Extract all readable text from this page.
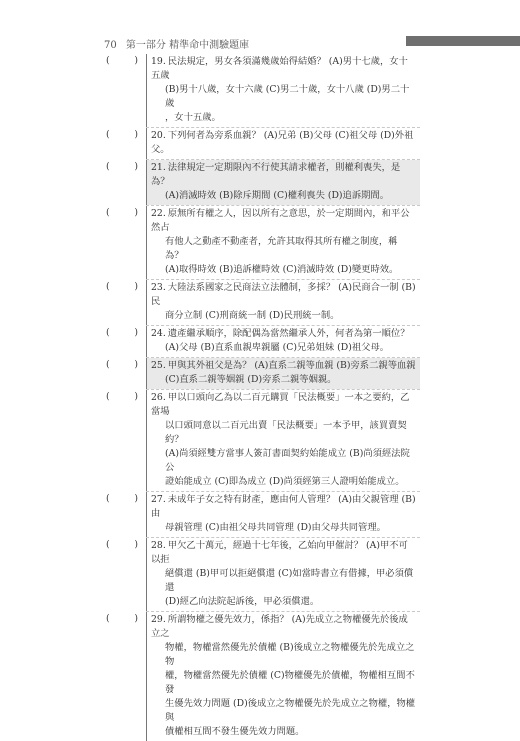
70 第一部分 精準命中測驗題庫
(	) 19. 民法規定，男女各須滿幾歲始得結婚？ (A)男十七歲，女十五歲
(B)男十八歲，女十六歲 (C)男二十歲，女十八歲 (D)男二十歲
，女十五歲。
(	) 20. 下列何者為旁系血親？ (A)兄弟 (B)父母 (C)祖父母 (D)外祖父。
(	) 21. 法律規定一定期限內不行使其請求權者，則權利喪失，是為？
(A)消滅時效 (B)除斥期間 (C)權利喪失 (D)追訴期間。
(	) 22. 原無所有權之人，因以所有之意思，於一定期間內，和平公然占
有他人之動產不動產者，允許其取得其所有權之制度，稱為？
(A)取得時效 (B)追訴權時效 (C)消滅時效 (D)變更時效。
(	) 23. 大陸法系國家之民商法立法體制，多採？ (A)民商合一制 (B)民
商分立制 (C)刑商統一制 (D)民刑統一制。
(	) 24. 遺產繼承順序，除配偶為當然繼承人外，何者為第一順位？
(A)父母 (B)直系血親卑親屬 (C)兄弟姐妹 (D)祖父母。
(	) 25. 甲與其外祖父是為？ (A)直系二親等血親 (B)旁系二親等血親
(C)直系二親等姻親 (D)旁系二親等姻親。
(	) 26. 甲以口頭向乙為以二百元購買「民法概要」一本之要約，乙當場
以口頭同意以二百元出賣「民法概要」一本予甲，該買賣契約？
(A)尚須經雙方當事人簽訂書面契約始能成立 (B)尚須經法院公
證始能成立 (C)即為成立 (D)尚須經第三人證明始能成立。
(	) 27. 未成年子女之特有財產，應由何人管理？ (A)由父親管理 (B)由
母親管理 (C)由祖父母共同管理 (D)由父母共同管理。
(	) 28. 甲欠乙十萬元，經過十七年後，乙始向甲催討？ (A)甲不可以拒
絕償還 (B)甲可以拒絕償還 (C)如當時書立有借據，甲必須償還
(D)經乙向法院起訴後，甲必須償還。
(	) 29. 所謂物權之優先效力，係指？ (A)先成立之物權優先於後成立之
物權，物權當然優先於債權 (B)後成立之物權優先於先成立之物
權，物權當然優先於債權 (C)物權優先於債權，物權相互間不發
生優先效力問題 (D)後成立之物權優先於先成立之物權，物權與
債權相互間不發生優先效力問題。
